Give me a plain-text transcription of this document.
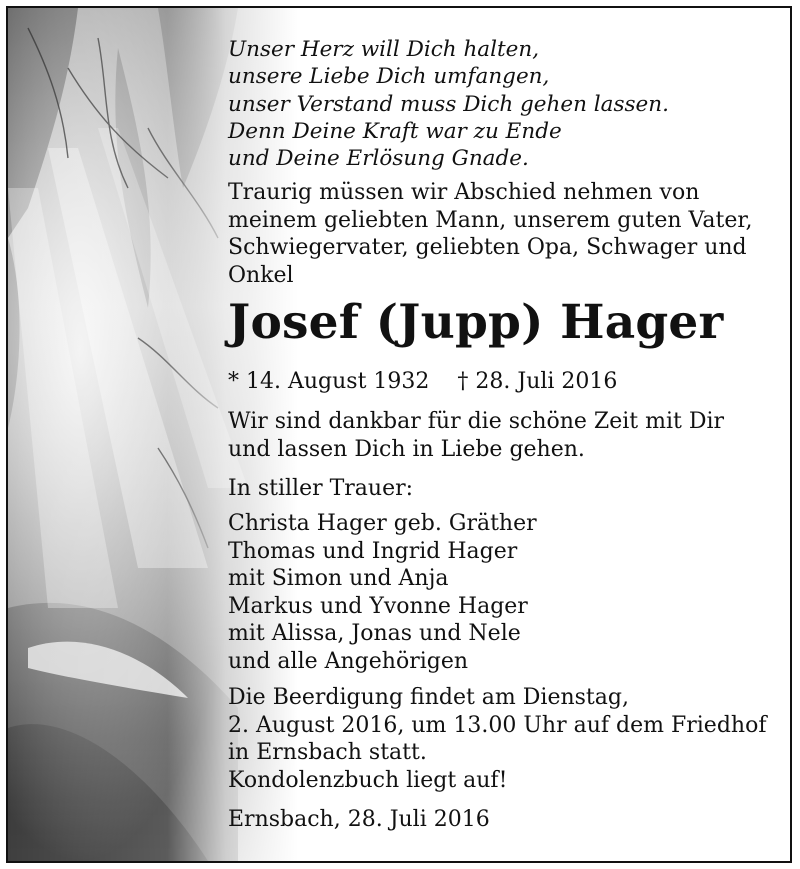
Unser Herz will Dich halten,
unsere Liebe Dich umfangen,
unser Verstand muss Dich gehen lassen.
Denn Deine Kraft war zu Ende
und Deine Erlösung Gnade.
Traurig müssen wir Abschied nehmen von
meinem geliebten Mann, unserem guten Vater,
Schwiegervater, geliebten Opa, Schwager und
Onkel
Josef (Jupp) Hager
* 14. August 1932 † 28. Juli 2016
Wir sind dankbar für die schöne Zeit mit Dir
und lassen Dich in Liebe gehen.
In stiller Trauer:
Christa Hager geb. Gräther
Thomas und Ingrid Hager
mit Simon und Anja
Markus und Yvonne Hager
mit Alissa, Jonas und Nele
und alle Angehörigen
Die Beerdigung findet am Dienstag,
2. August 2016, um 13.00 Uhr auf dem Friedhof
in Ernsbach statt.
Kondolenzbuch liegt auf!
Ernsbach, 28. Juli 2016
